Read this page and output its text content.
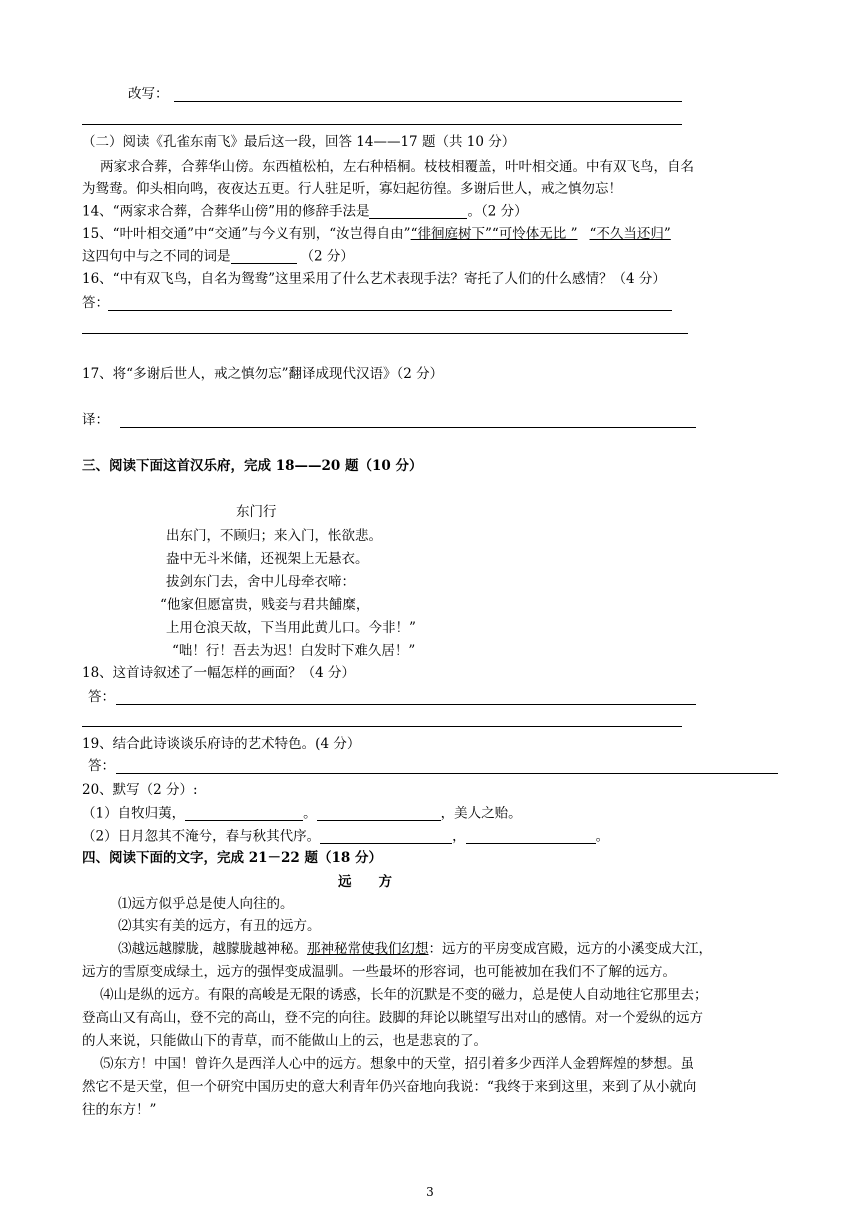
改写：
（二）阅读《孔雀东南飞》最后这一段，回答 14——17 题（共 10 分）
两家求合葬，合葬华山傍。东西植松柏，左右种梧桐。枝枝相覆盖，叶叶相交通。中有双飞鸟，自名
为鸳鸯。仰头相向鸣，夜夜达五更。行人驻足听，寡妇起彷徨。多谢后世人，戒之慎勿忘！
14、“两家求合葬，合葬华山傍”用的修辞手法是	。（2 分）
15、“叶叶相交通”中“交通”与今义有别，“汝岂得自由”“徘徊庭树下”“可怜体无比 ” “不久当还归”
这四句中与之不同的词是	（2 分）
16、“中有双飞鸟，自名为鸳鸯”这里采用了什么艺术表现手法？寄托了人们的什么感情？（4 分）
答：
17、将“多谢后世人，戒之慎勿忘”翻译成现代汉语》（2 分）
译：
三、阅读下面这首汉乐府，完成 18——20 题（10 分）
东门行
出东门，不顾归；来入门，怅欲悲。
盎中无斗米储，还视架上无悬衣。
拔剑东门去，舍中儿母牵衣啼：
“他家但愿富贵，贱妾与君共餔糜，
上用仓浪天故，下当用此黄儿口。今非！”
“咄！行！吾去为迟！白发时下难久居！”
18、这首诗叙述了一幅怎样的画面？（4 分）
答：
19、结合此诗谈谈乐府诗的艺术特色。(4 分）
答：
20、默写（2 分）:
（1）自牧归荑，	。	，美人之贻。
（2）日月忽其不淹兮，春与秋其代序。	，	。
四、阅读下面的文字，完成 21－22 题（18 分）
远　　方
⑴远方似乎总是使人向往的。
⑵其实有美的远方，有丑的远方。
⑶越远越朦胧，越朦胧越神秘。那神秘常使我们幻想：远方的平房变成宫殿，远方的小溪变成大江，
远方的雪原变成绿土，远方的强悍变成温驯。一些最坏的形容词，也可能被加在我们不了解的远方。
⑷山是纵的远方。有限的高峻是无限的诱惑，长年的沉默是不变的磁力，总是使人自动地往它那里去；
登高山又有高山，登不完的高山，登不完的向往。跂脚的拜论以眺望写出对山的感情。对一个爱纵的远方
的人来说，只能做山下的青草，而不能做山上的云，也是悲哀的了。
⑸东方！中国！曾许久是西洋人心中的远方。想象中的天堂，招引着多少西洋人金碧辉煌的梦想。虽
然它不是天堂，但一个研究中国历史的意大利青年仍兴奋地向我说：“我终于来到这里，来到了从小就向
往的东方！”
3
